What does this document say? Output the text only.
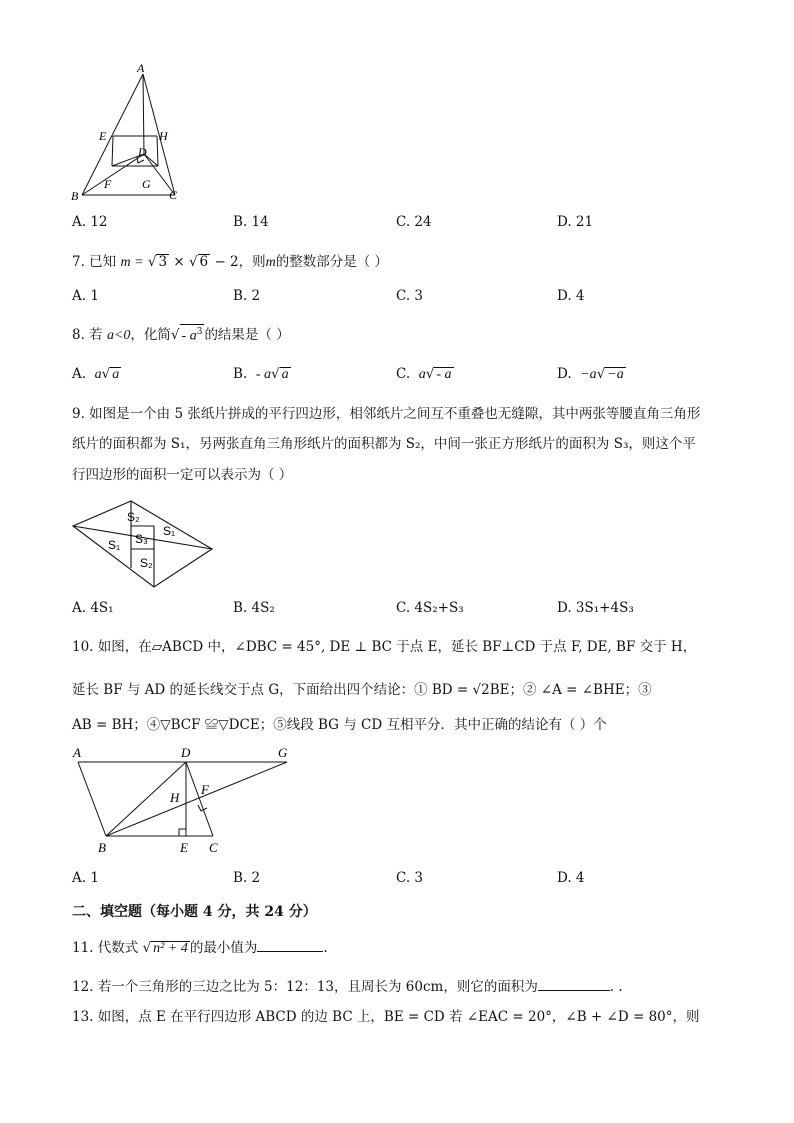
A
E	H
D
B
F	G
C
A. 12	B. 14	C. 24	D. 21
7. 已知 m = √ 3 × √ 6 − 2，则m的整数部分是（ ）
A. 1	B. 2	C. 3	D. 4
8. 若 a<0，化简√ - $a^3$ 的结果是（ ）
A. a√ a	B. - a√ a	C. a√ - a	D. −a√ −a
9. 如图是一个由 5 张纸片拼成的平行四边形，相邻纸片之间互不重叠也无缝隙，其中两张等腰直角三角形
纸片的面积都为 S₁，另两张直角三角形纸片的面积都为 S₂，中间一张正方形纸片的面积为 S₃，则这个平
行四边形的面积一定可以表示为（ ）
S₂
S₁
S₁ S₃
S₂
A. 4S₁	B. 4S₂	C. 4S₂+S₃	D. 3S₁+4S₃
10. 如图，在▱ABCD 中，∠DBC = 45°, DE ⊥ BC 于点 E，延长 BF⊥CD 于点 F, DE, BF 交于 H，
延长 BF 与 AD 的延长线交于点 G，下面给出四个结论：① BD = √2BE；② ∠A = ∠BHE；③
AB = BH；④▽BCF ≌▽DCE；⑤线段 BG 与 CD 互相平分．其中正确的结论有（ ）个
A	D	G
H
F
B	E C
A. 1	B. 2	C. 3	D. 4
二、填空题（每小题 4 分，共 24 分）
11. 代数式 √ n² + 4 的最小值为	.
12. 若一个三角形的三边之比为 5：12：13，且周长为 60cm，则它的面积为	. .
13. 如图，点 E 在平行四边形 ABCD 的边 BC 上，BE = CD 若 ∠EAC = 20°，∠B + ∠D = 80°，则
